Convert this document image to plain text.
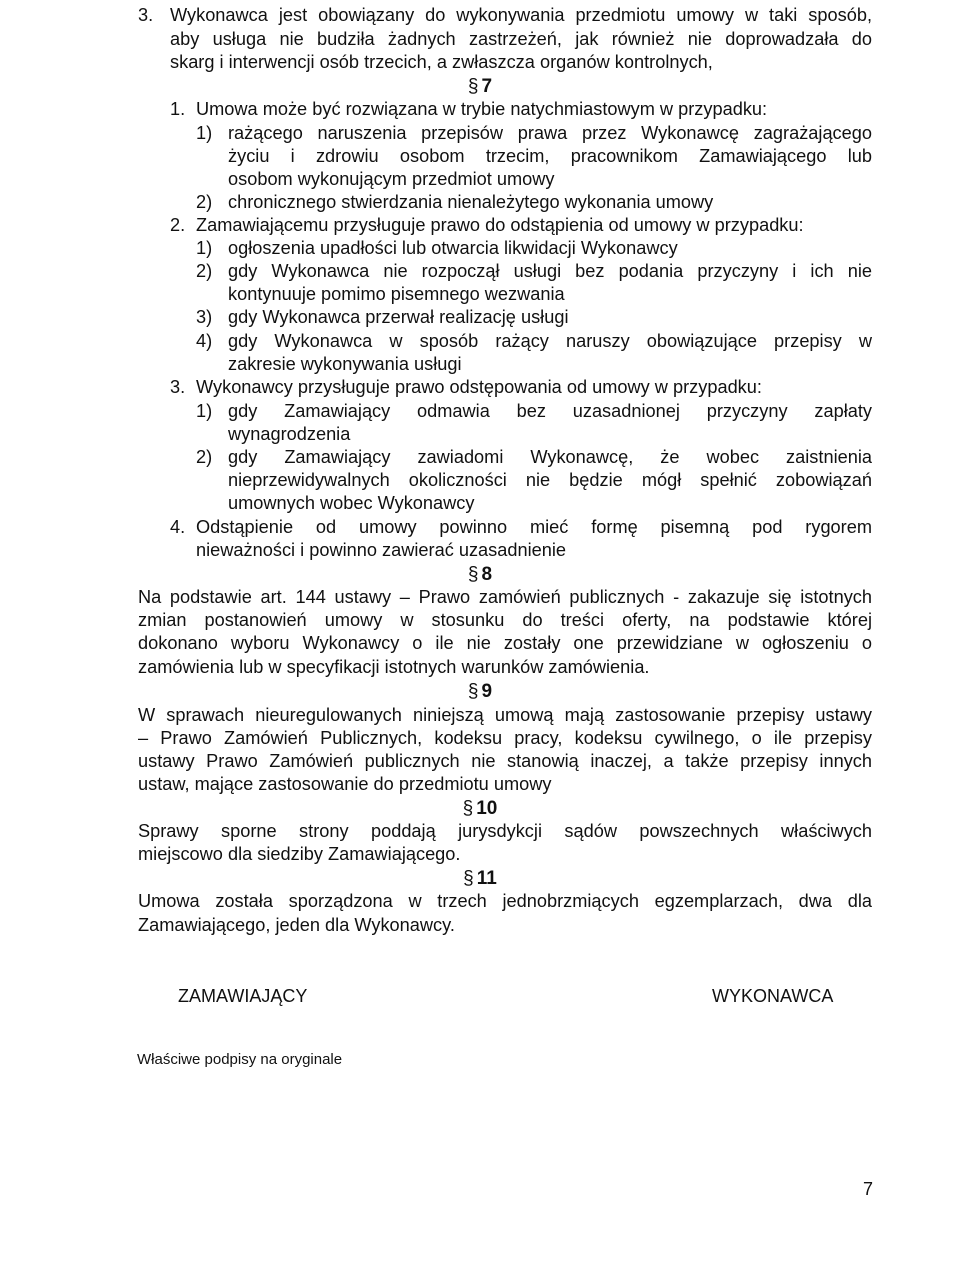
3. Wykonawca jest obowiązany do wykonywania przedmiotu umowy w taki sposób,
aby usługa nie budziła żadnych zastrzeżeń, jak również nie doprowadzała do
skarg i interwencji osób trzecich, a zwłaszcza organów kontrolnych,
§ 7
1. Umowa może być rozwiązana w trybie natychmiastowym w przypadku:
1) rażącego naruszenia przepisów prawa przez Wykonawcę zagrażającego
życiu i zdrowiu osobom trzecim, pracownikom Zamawiającego lub
osobom wykonującym przedmiot umowy
2) chronicznego stwierdzania nienależytego wykonania umowy
2. Zamawiającemu przysługuje prawo do odstąpienia od umowy w przypadku:
1) ogłoszenia upadłości lub otwarcia likwidacji Wykonawcy
2) gdy Wykonawca nie rozpoczął usługi bez podania przyczyny i ich nie
kontynuuje pomimo pisemnego wezwania
3) gdy Wykonawca przerwał realizację usługi
4) gdy Wykonawca w sposób rażący naruszy obowiązujące przepisy w
zakresie wykonywania usługi
3. Wykonawcy przysługuje prawo odstępowania od umowy w przypadku:
1) gdy Zamawiający odmawia bez uzasadnionej przyczyny zapłaty
wynagrodzenia
2) gdy Zamawiający zawiadomi Wykonawcę, że wobec zaistnienia
nieprzewidywalnych okoliczności nie będzie mógł spełnić zobowiązań
umownych wobec Wykonawcy
4. Odstąpienie od umowy powinno mieć formę pisemną pod rygorem
nieważności i powinno zawierać uzasadnienie
§ 8
Na podstawie art. 144 ustawy – Prawo zamówień publicznych - zakazuje się istotnych
zmian postanowień umowy w stosunku do treści oferty, na podstawie której
dokonano wyboru Wykonawcy o ile nie zostały one przewidziane w ogłoszeniu o
zamówienia lub w specyfikacji istotnych warunków zamówienia.
§ 9
W sprawach nieuregulowanych niniejszą umową mają zastosowanie przepisy ustawy
– Prawo Zamówień Publicznych, kodeksu pracy, kodeksu cywilnego, o ile przepisy
ustawy Prawo Zamówień publicznych nie stanowią inaczej, a także przepisy innych
ustaw, mające zastosowanie do przedmiotu umowy
§ 10
Sprawy sporne strony poddają jurysdykcji sądów powszechnych właściwych
miejscowo dla siedziby Zamawiającego.
§ 11
Umowa została sporządzona w trzech jednobrzmiących egzemplarzach, dwa dla
Zamawiającego, jeden dla Wykonawcy.
ZAMAWIAJĄCY	WYKONAWCA
Właściwe podpisy na oryginale
7
